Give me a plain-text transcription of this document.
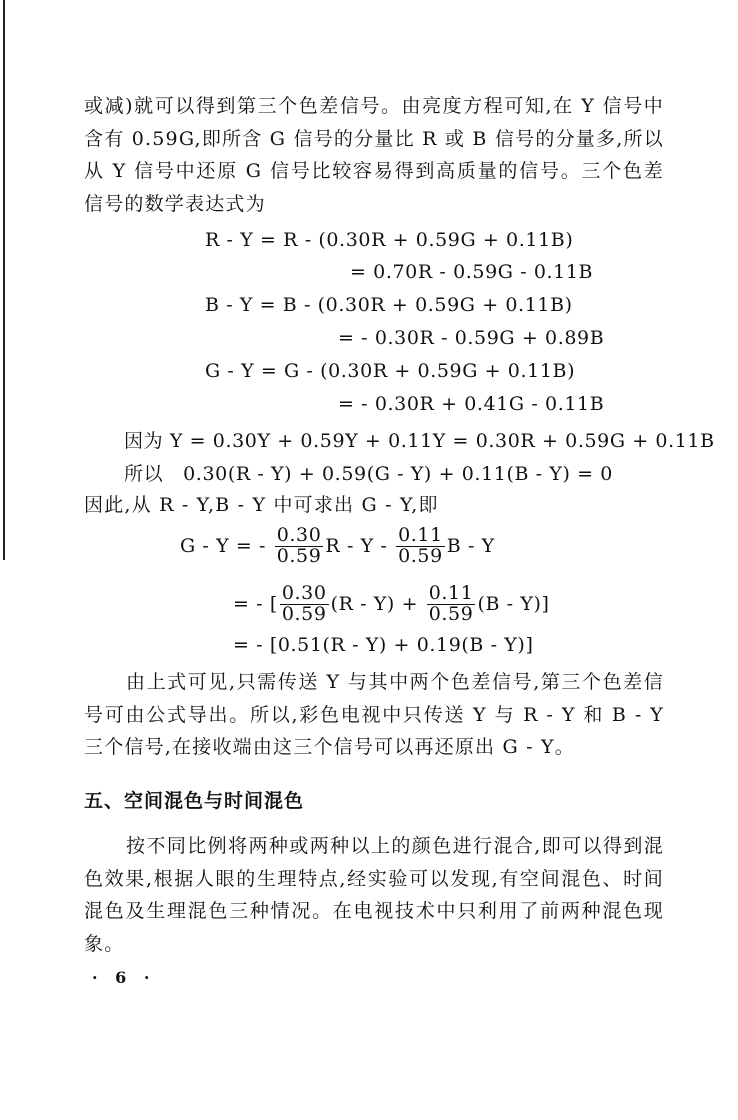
或减)就可以得到第三个色差信号。由亮度方程可知,在 Y 信号中含有 0.59G,即所含 G 信号的分量比 R 或 B 信号的分量多,所以从 Y 信号中还原 G 信号比较容易得到高质量的信号。三个色差信号的数学表达式为

R - Y = R - (0.30R + 0.59G + 0.11B)
= 0.70R - 0.59G - 0.11B
B - Y = B - (0.30R + 0.59G + 0.11B)
= - 0.30R - 0.59G + 0.89B
G - Y = G - (0.30R + 0.59G + 0.11B)
= - 0.30R + 0.41G - 0.11B
因为 Y = 0.30Y + 0.59Y + 0.11Y = 0.30R + 0.59G + 0.11B
所以   0.30(R - Y) + 0.59(G - Y) + 0.11(B - Y) = 0
因此,从 R - Y,B - Y 中可求出 G - Y,即
G - Y = - $\frac{0.30}{0.59}$ R - Y - $\frac{0.11}{0.59}$ B - Y
= - [ $\frac{0.30}{0.59} (R - Y) + \frac{0.11}{0.59} (B - Y)$]
= - [0.51(R - Y) + 0.19(B - Y)]

由上式可见,只需传送 Y 与其中两个色差信号,第三个色差信号可由公式导出。所以,彩色电视中只传送 Y 与 R - Y 和 B - Y 三个信号,在接收端由这三个信号可以再还原出 G - Y。

五、空间混色与时间混色

按不同比例将两种或两种以上的颜色进行混合,即可以得到混色效果,根据人眼的生理特点,经实验可以发现,有空间混色、时间混色及生理混色三种情况。在电视技术中只利用了前两种混色现象。

· 6 ·
